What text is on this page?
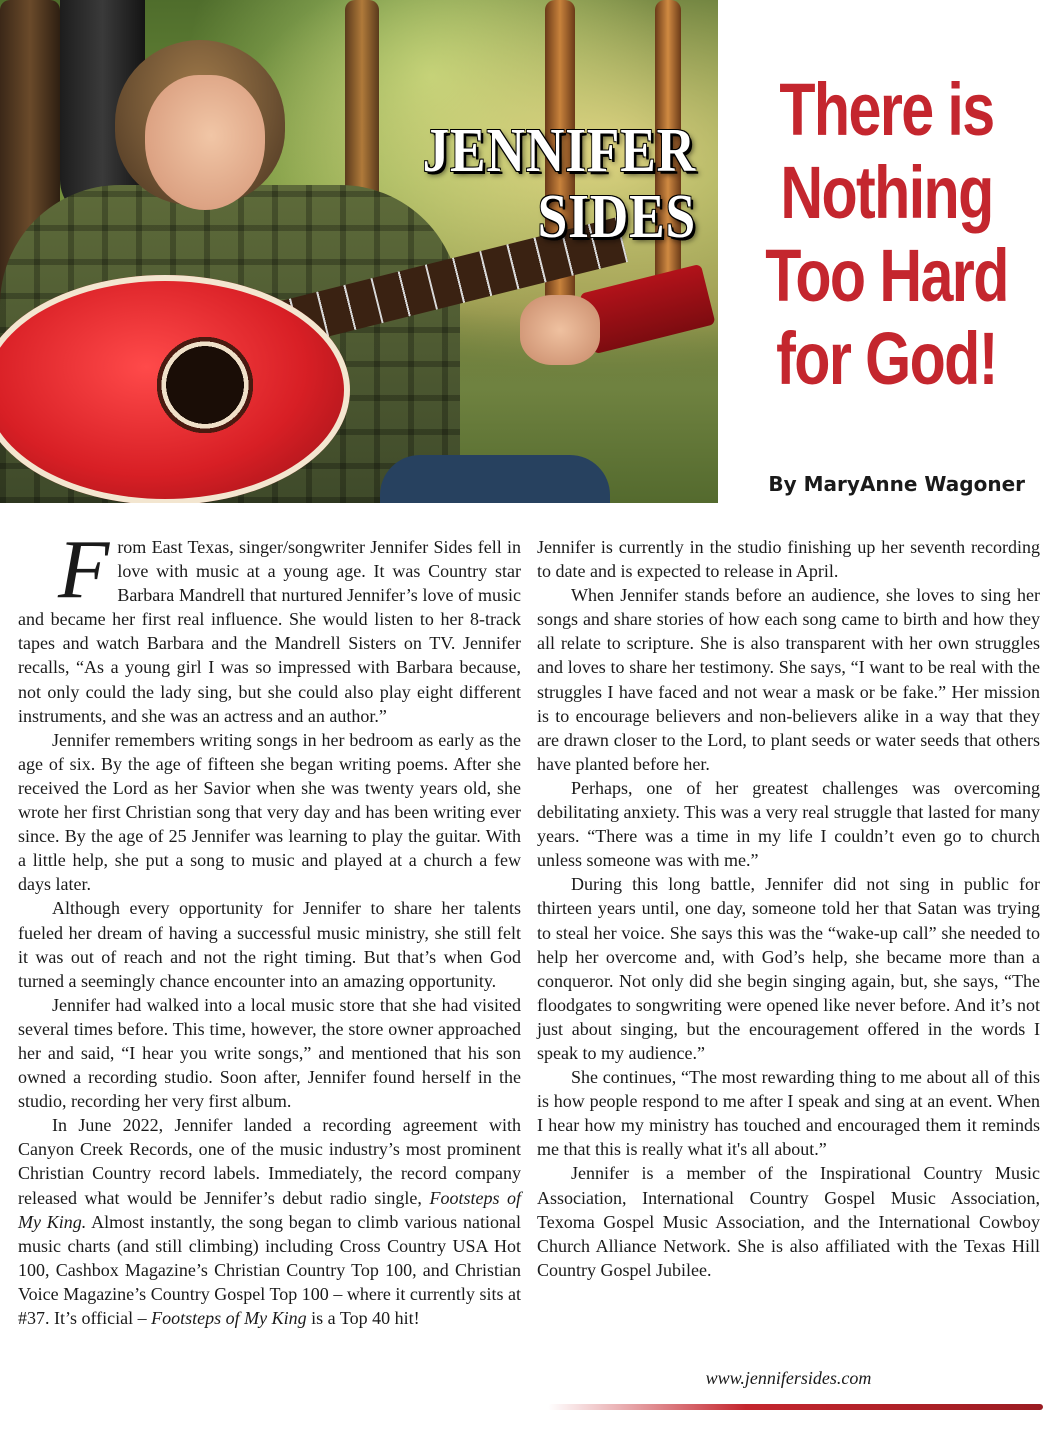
JENNIFER
SIDES
There is
Nothing
Too Hard
for God!

By MaryAnne Wagoner

From East Texas, singer/songwriter Jennifer Sides fell in love with music at a young age. It was Country star Barbara Mandrell that nurtured Jennifer’s love of music and became her first real influence. She would listen to her 8-track tapes and watch Barbara and the Mandrell Sisters on TV. Jennifer recalls, “As a young girl I was so impressed with Barbara because, not only could the lady sing, but she could also play eight different instruments, and she was an actress and an author.”

Jennifer remembers writing songs in her bedroom as early as the age of six. By the age of fifteen she began writing poems. After she received the Lord as her Savior when she was twenty years old, she wrote her first Christian song that very day and has been writing ever since. By the age of 25 Jennifer was learning to play the guitar. With a little help, she put a song to music and played at a church a few days later.

Although every opportunity for Jennifer to share her talents fueled her dream of having a successful music ministry, she still felt it was out of reach and not the right timing. But that’s when God turned a seemingly chance encounter into an amazing opportunity.

Jennifer had walked into a local music store that she had visited several times before. This time, however, the store owner approached her and said, “I hear you write songs,” and mentioned that his son owned a recording studio. Soon after, Jennifer found herself in the studio, recording her very first album.

In June 2022, Jennifer landed a recording agreement with Canyon Creek Records, one of the music industry’s most prominent Christian Country record labels. Immediately, the record company released what would be Jennifer’s debut radio single, Footsteps of My King. Almost instantly, the song began to climb various national music charts (and still climbing) including Cross Country USA Hot 100, Cashbox Magazine’s Christian Country Top 100, and Christian Voice Magazine’s Country Gospel Top 100 – where it currently sits at #37. It’s official – Footsteps of My King is a Top 40 hit!

Jennifer is currently in the studio finishing up her seventh recording to date and is expected to release in April.

When Jennifer stands before an audience, she loves to sing her songs and share stories of how each song came to birth and how they all relate to scripture. She is also transparent with her own struggles and loves to share her testimony. She says, “I want to be real with the struggles I have faced and not wear a mask or be fake.” Her mission is to encourage believers and non-believers alike in a way that they are drawn closer to the Lord, to plant seeds or water seeds that others have planted before her.

Perhaps, one of her greatest challenges was overcoming debilitating anxiety. This was a very real struggle that lasted for many years. “There was a time in my life I couldn’t even go to church unless someone was with me.”

During this long battle, Jennifer did not sing in public for thirteen years until, one day, someone told her that Satan was trying to steal her voice. She says this was the “wake-up call” she needed to help her overcome and, with God’s help, she became more than a conqueror. Not only did she begin singing again, but, she says, “The floodgates to songwriting were opened like never before. And it’s not just about singing, but the encouragement offered in the words I speak to my audience.”

She continues, “The most rewarding thing to me about all of this is how people respond to me after I speak and sing at an event. When I hear how my ministry has touched and encouraged them it reminds me that this is really what it's all about.”

Jennifer is a member of the Inspirational Country Music Association, International Country Gospel Music Association, Texoma Gospel Music Association, and the International Cowboy Church Alliance Network. She is also affiliated with the Texas Hill Country Gospel Jubilee.

www.jennifersides.com
